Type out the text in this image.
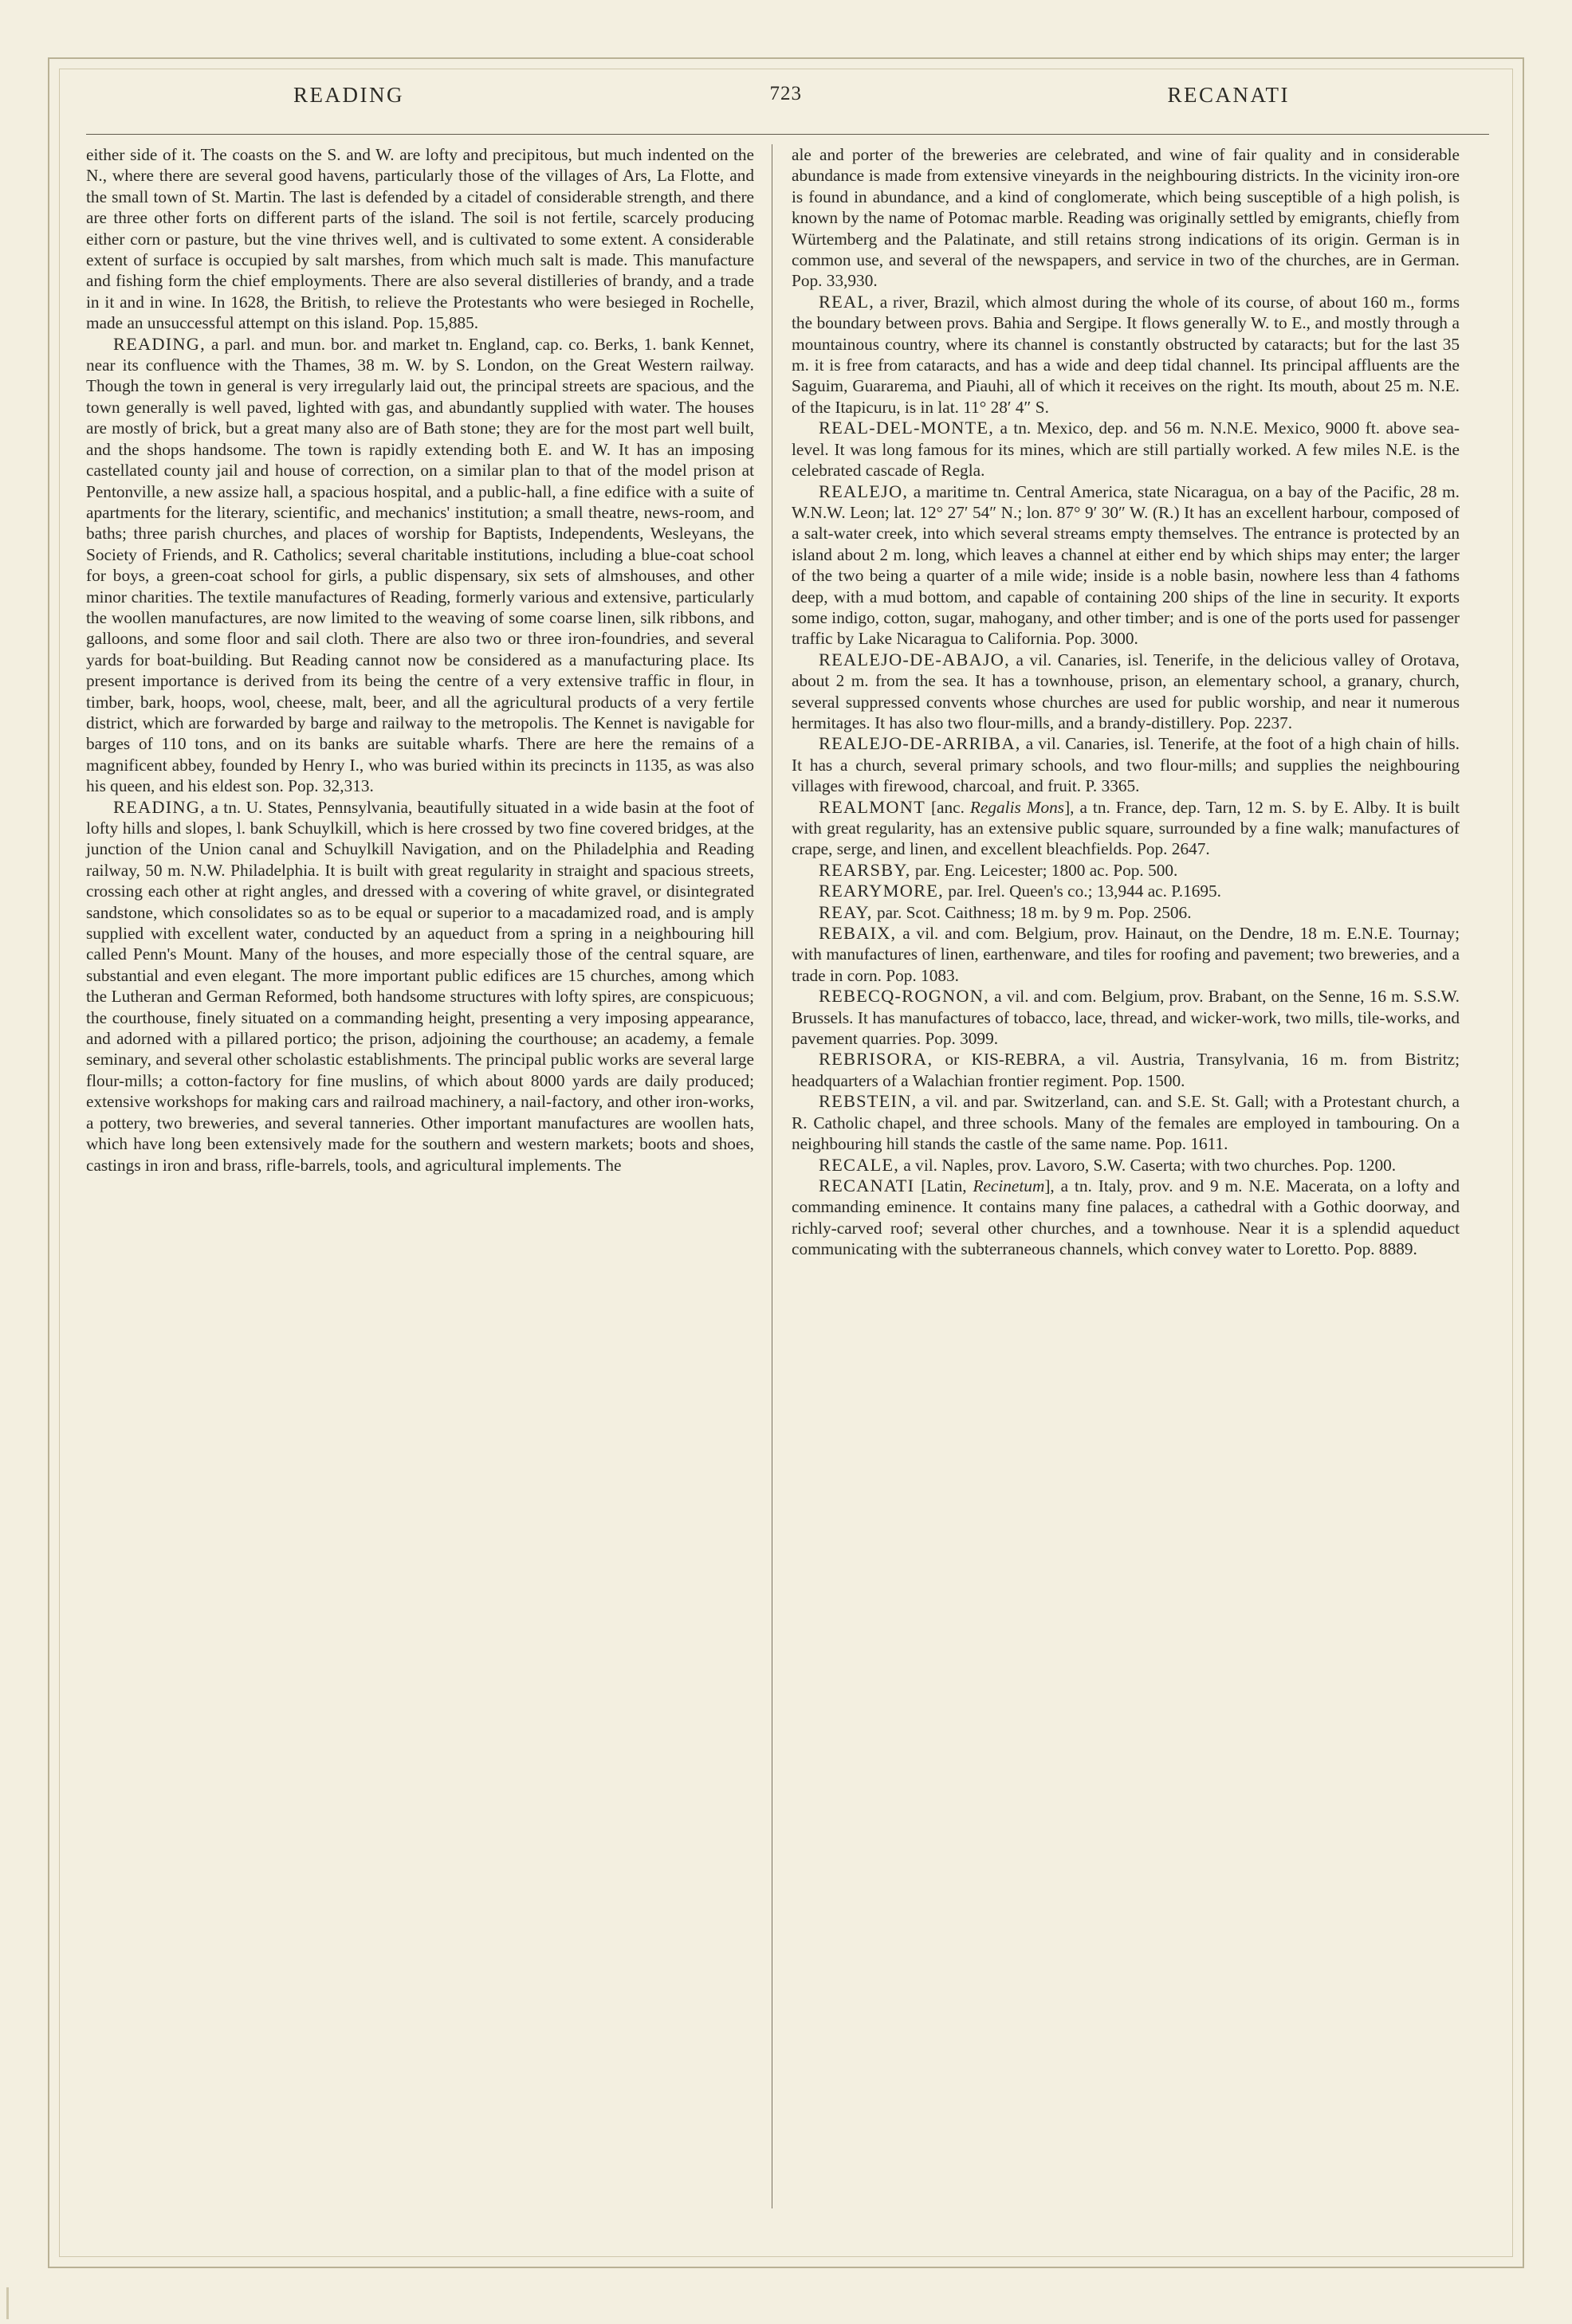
READING	723	RECANATI

either side of it. The coasts on the S. and W. are lofty and precipitous, but much indented on the N., where there are several good havens, particularly those of the villages of Ars, La Flotte, and the small town of St. Martin. The last is defended by a citadel of considerable strength, and there are three other forts on different parts of the island. The soil is not fertile, scarcely producing either corn or pasture, but the vine thrives well, and is cultivated to some extent. A considerable extent of surface is occupied by salt marshes, from which much salt is made. This manufacture and fishing form the chief employments. There are also several distilleries of brandy, and a trade in it and in wine. In 1628, the British, to relieve the Protestants who were besieged in Rochelle, made an unsuccessful attempt on this island. Pop. 15,885.

READING, a parl. and mun. bor. and market tn. England, cap. co. Berks, 1. bank Kennet, near its confluence with the Thames, 38 m. W. by S. London, on the Great Western railway. Though the town in general is very irregularly laid out, the principal streets are spacious, and the town generally is well paved, lighted with gas, and abundantly supplied with water. The houses are mostly of brick, but a great many also are of Bath stone; they are for the most part well built, and the shops handsome. The town is rapidly extending both E. and W. It has an imposing castellated county jail and house of correction, on a similar plan to that of the model prison at Pentonville, a new assize hall, a spacious hospital, and a public-hall, a fine edifice with a suite of apartments for the literary, scientific, and mechanics' institution; a small theatre, news-room, and baths; three parish churches, and places of worship for Baptists, Independents, Wesleyans, the Society of Friends, and R. Catholics; several charitable institutions, including a blue-coat school for boys, a green-coat school for girls, a public dispensary, six sets of almshouses, and other minor charities. The textile manufactures of Reading, formerly various and extensive, particularly the woollen manufactures, are now limited to the weaving of some coarse linen, silk ribbons, and galloons, and some floor and sail cloth. There are also two or three iron-foundries, and several yards for boat-building. But Reading cannot now be considered as a manufacturing place. Its present importance is derived from its being the centre of a very extensive traffic in flour, in timber, bark, hoops, wool, cheese, malt, beer, and all the agricultural products of a very fertile district, which are forwarded by barge and railway to the metropolis. The Kennet is navigable for barges of 110 tons, and on its banks are suitable wharfs. There are here the remains of a magnificent abbey, founded by Henry I., who was buried within its precincts in 1135, as was also his queen, and his eldest son. Pop. 32,313.

READING, a tn. U. States, Pennsylvania, beautifully situated in a wide basin at the foot of lofty hills and slopes, l. bank Schuylkill, which is here crossed by two fine covered bridges, at the junction of the Union canal and Schuylkill Navigation, and on the Philadelphia and Reading railway, 50 m. N.W. Philadelphia. It is built with great regularity in straight and spacious streets, crossing each other at right angles, and dressed with a covering of white gravel, or disintegrated sandstone, which consolidates so as to be equal or superior to a macadamized road, and is amply supplied with excellent water, conducted by an aqueduct from a spring in a neighbouring hill called Penn's Mount. Many of the houses, and more especially those of the central square, are substantial and even elegant. The more important public edifices are 15 churches, among which the Lutheran and German Reformed, both handsome structures with lofty spires, are conspicuous; the courthouse, finely situated on a commanding height, presenting a very imposing appearance, and adorned with a pillared portico; the prison, adjoining the courthouse; an academy, a female seminary, and several other scholastic establishments. The principal public works are several large flour-mills; a cotton-factory for fine muslins, of which about 8000 yards are daily produced; extensive workshops for making cars and railroad machinery, a nail-factory, and other iron-works, a pottery, two breweries, and several tanneries. Other important manufactures are woollen hats, which have long been extensively made for the southern and western markets; boots and shoes, castings in iron and brass, rifle-barrels, tools, and agricultural implements. The

ale and porter of the breweries are celebrated, and wine of fair quality and in considerable abundance is made from extensive vineyards in the neighbouring districts. In the vicinity iron-ore is found in abundance, and a kind of conglomerate, which being susceptible of a high polish, is known by the name of Potomac marble. Reading was originally settled by emigrants, chiefly from Würtemberg and the Palatinate, and still retains strong indications of its origin. German is in common use, and several of the newspapers, and service in two of the churches, are in German. Pop. 33,930.

REAL, a river, Brazil, which almost during the whole of its course, of about 160 m., forms the boundary between provs. Bahia and Sergipe. It flows generally W. to E., and mostly through a mountainous country, where its channel is constantly obstructed by cataracts; but for the last 35 m. it is free from cataracts, and has a wide and deep tidal channel. Its principal affluents are the Saguim, Guararema, and Piauhi, all of which it receives on the right. Its mouth, about 25 m. N.E. of the Itapicuru, is in lat. 11° 28′ 4″ S.

REAL-DEL-MONTE, a tn. Mexico, dep. and 56 m. N.N.E. Mexico, 9000 ft. above sea-level. It was long famous for its mines, which are still partially worked. A few miles N.E. is the celebrated cascade of Regla.

REALEJO, a maritime tn. Central America, state Nicaragua, on a bay of the Pacific, 28 m. W.N.W. Leon; lat. 12° 27′ 54″ N.; lon. 87° 9′ 30″ W. (R.) It has an excellent harbour, composed of a salt-water creek, into which several streams empty themselves. The entrance is protected by an island about 2 m. long, which leaves a channel at either end by which ships may enter; the larger of the two being a quarter of a mile wide; inside is a noble basin, nowhere less than 4 fathoms deep, with a mud bottom, and capable of containing 200 ships of the line in security. It exports some indigo, cotton, sugar, mahogany, and other timber; and is one of the ports used for passenger traffic by Lake Nicaragua to California. Pop. 3000.

REALEJO-DE-ABAJO, a vil. Canaries, isl. Tenerife, in the delicious valley of Orotava, about 2 m. from the sea. It has a townhouse, prison, an elementary school, a granary, church, several suppressed convents whose churches are used for public worship, and near it numerous hermitages. It has also two flour-mills, and a brandy-distillery. Pop. 2237.

REALEJO-DE-ARRIBA, a vil. Canaries, isl. Tenerife, at the foot of a high chain of hills. It has a church, several primary schools, and two flour-mills; and supplies the neighbouring villages with firewood, charcoal, and fruit. P. 3365.

REALMONT [anc. Regalis Mons], a tn. France, dep. Tarn, 12 m. S. by E. Alby. It is built with great regularity, has an extensive public square, surrounded by a fine walk; manufactures of crape, serge, and linen, and excellent bleachfields. Pop. 2647.

REARSBY, par. Eng. Leicester; 1800 ac. Pop. 500.

REARYMORE, par. Irel. Queen's co.; 13,944 ac. P.1695.

REAY, par. Scot. Caithness; 18 m. by 9 m. Pop. 2506.

REBAIX, a vil. and com. Belgium, prov. Hainaut, on the Dendre, 18 m. E.N.E. Tournay; with manufactures of linen, earthenware, and tiles for roofing and pavement; two breweries, and a trade in corn. Pop. 1083.

REBECQ-ROGNON, a vil. and com. Belgium, prov. Brabant, on the Senne, 16 m. S.S.W. Brussels. It has manufactures of tobacco, lace, thread, and wicker-work, two mills, tile-works, and pavement quarries. Pop. 3099.

REBRISORA, or KIS-REBRA, a vil. Austria, Transylvania, 16 m. from Bistritz; headquarters of a Walachian frontier regiment. Pop. 1500.

REBSTEIN, a vil. and par. Switzerland, can. and S.E. St. Gall; with a Protestant church, a R. Catholic chapel, and three schools. Many of the females are employed in tambouring. On a neighbouring hill stands the castle of the same name. Pop. 1611.

RECALE, a vil. Naples, prov. Lavoro, S.W. Caserta; with two churches. Pop. 1200.

RECANATI [Latin, Recinetum], a tn. Italy, prov. and 9 m. N.E. Macerata, on a lofty and commanding eminence. It contains many fine palaces, a cathedral with a Gothic doorway, and richly-carved roof; several other churches, and a townhouse. Near it is a splendid aqueduct communicating with the subterraneous channels, which convey water to Loretto. Pop. 8889.
